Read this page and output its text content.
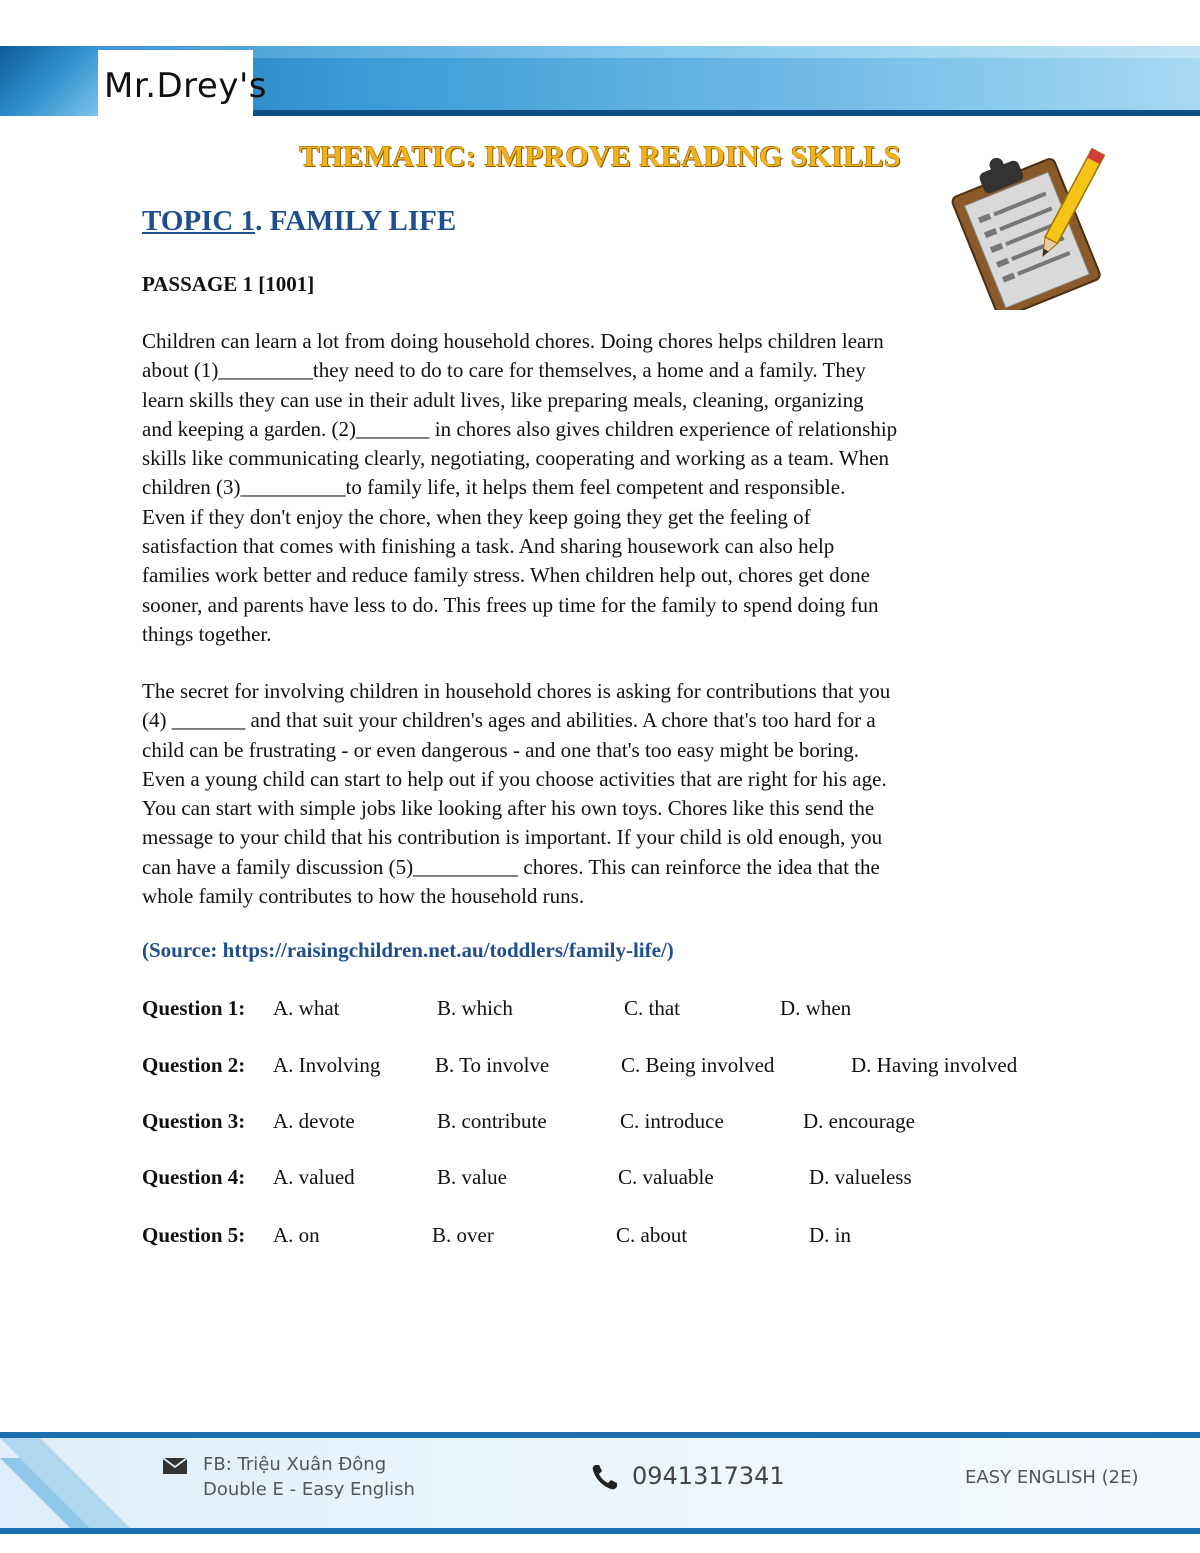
Mr.Drey's
THEMATIC: IMPROVE READING SKILLS
TOPIC 1. FAMILY LIFE
PASSAGE 1 [1001]
Children can learn a lot from doing household chores. Doing chores helps children learn
about (1)_________they need to do to care for themselves, a home and a family. They
learn skills they can use in their adult lives, like preparing meals, cleaning, organizing
and keeping a garden. (2)_______ in chores also gives children experience of relationship
skills like communicating clearly, negotiating, cooperating and working as a team. When
children (3)__________to family life, it helps them feel competent and responsible.
Even if they don't enjoy the chore, when they keep going they get the feeling of
satisfaction that comes with finishing a task. And sharing housework can also help
families work better and reduce family stress. When children help out, chores get done
sooner, and parents have less to do. This frees up time for the family to spend doing fun
things together.
The secret for involving children in household chores is asking for contributions that you
(4) _______ and that suit your children's ages and abilities. A chore that's too hard for a
child can be frustrating - or even dangerous - and one that's too easy might be boring.
Even a young child can start to help out if you choose activities that are right for his age.
You can start with simple jobs like looking after his own toys. Chores like this send the
message to your child that his contribution is important. If your child is old enough, you
can have a family discussion (5)__________ chores. This can reinforce the idea that the
whole family contributes to how the household runs.
(Source: https://raisingchildren.net.au/toddlers/family-life/)
Question 1: A. what	B. which	C. that	D. when
Question 2: A. Involving	B. To involve	C. Being involved	D. Having involved
Question 3: A. devote	B. contribute	C. introduce	D. encourage
Question 4: A. valued	B. value	C. valuable	D. valueless
Question 5: A. on	B. over	C. about	D. in
FB: Triệu Xuân Đông
Double E - Easy English	0941317341	EASY ENGLISH (2E)
